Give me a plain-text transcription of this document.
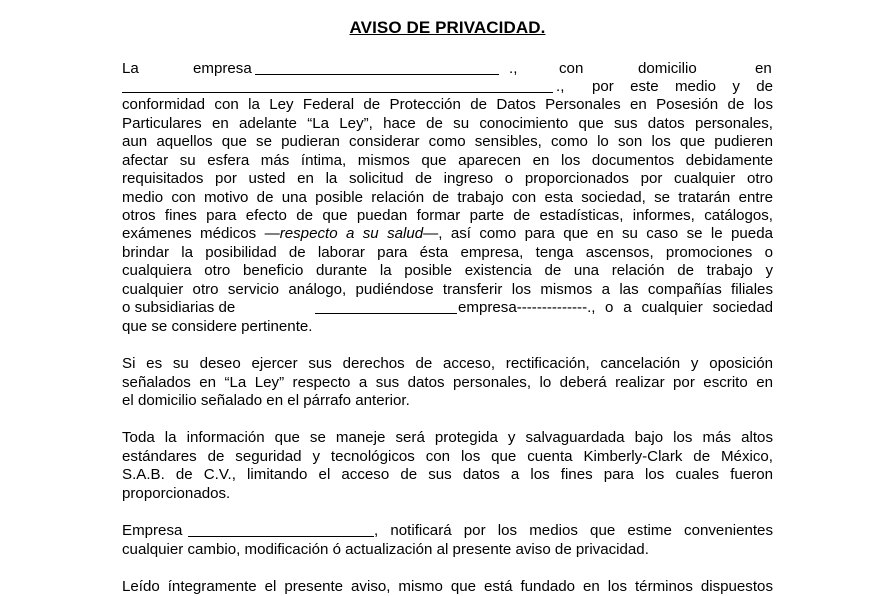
AVISO DE PRIVACIDAD.
La	empresa	.,	con	domicilio	en
., por este medio y de
conformidad con la Ley Federal de Protección de Datos Personales en Posesión de los
Particulares en adelante “La Ley”, hace de su conocimiento que sus datos personales,
aun aquellos que se pudieran considerar como sensibles, como lo son los que pudieren
afectar su esfera más íntima, mismos que aparecen en los documentos debidamente
requisitados por usted en la solicitud de ingreso o proporcionados por cualquier otro
medio con motivo de una posible relación de trabajo con esta sociedad, se tratarán entre
otros fines para efecto de que puedan formar parte de estadísticas, informes, catálogos,
exámenes médicos —respecto a su salud—, así como para que en su caso se le pueda
brindar la posibilidad de laborar para ésta empresa, tenga ascensos, promociones o
cualquiera otro beneficio durante la posible existencia de una relación de trabajo y
cualquier otro servicio análogo, pudiéndose transferir los mismos a las compañías filiales
o subsidiarias de	empresa--------------., o a cualquier sociedad
que se considere pertinente.
Si es su deseo ejercer sus derechos de acceso, rectificación, cancelación y oposición
señalados en “La Ley” respecto a sus datos personales, lo deberá realizar por escrito en
el domicilio señalado en el párrafo anterior.
Toda la información que se maneje será protegida y salvaguardada bajo los más altos
estándares de seguridad y tecnológicos con los que cuenta Kimberly-Clark de México,
S.A.B. de C.V., limitando el acceso de sus datos a los fines para los cuales fueron
proporcionados.
Empresa	, notificará por los medios que estime convenientes
cualquier cambio, modificación ó actualización al presente aviso de privacidad.
Leído íntegramente el presente aviso, mismo que está fundado en los términos dispuestos
